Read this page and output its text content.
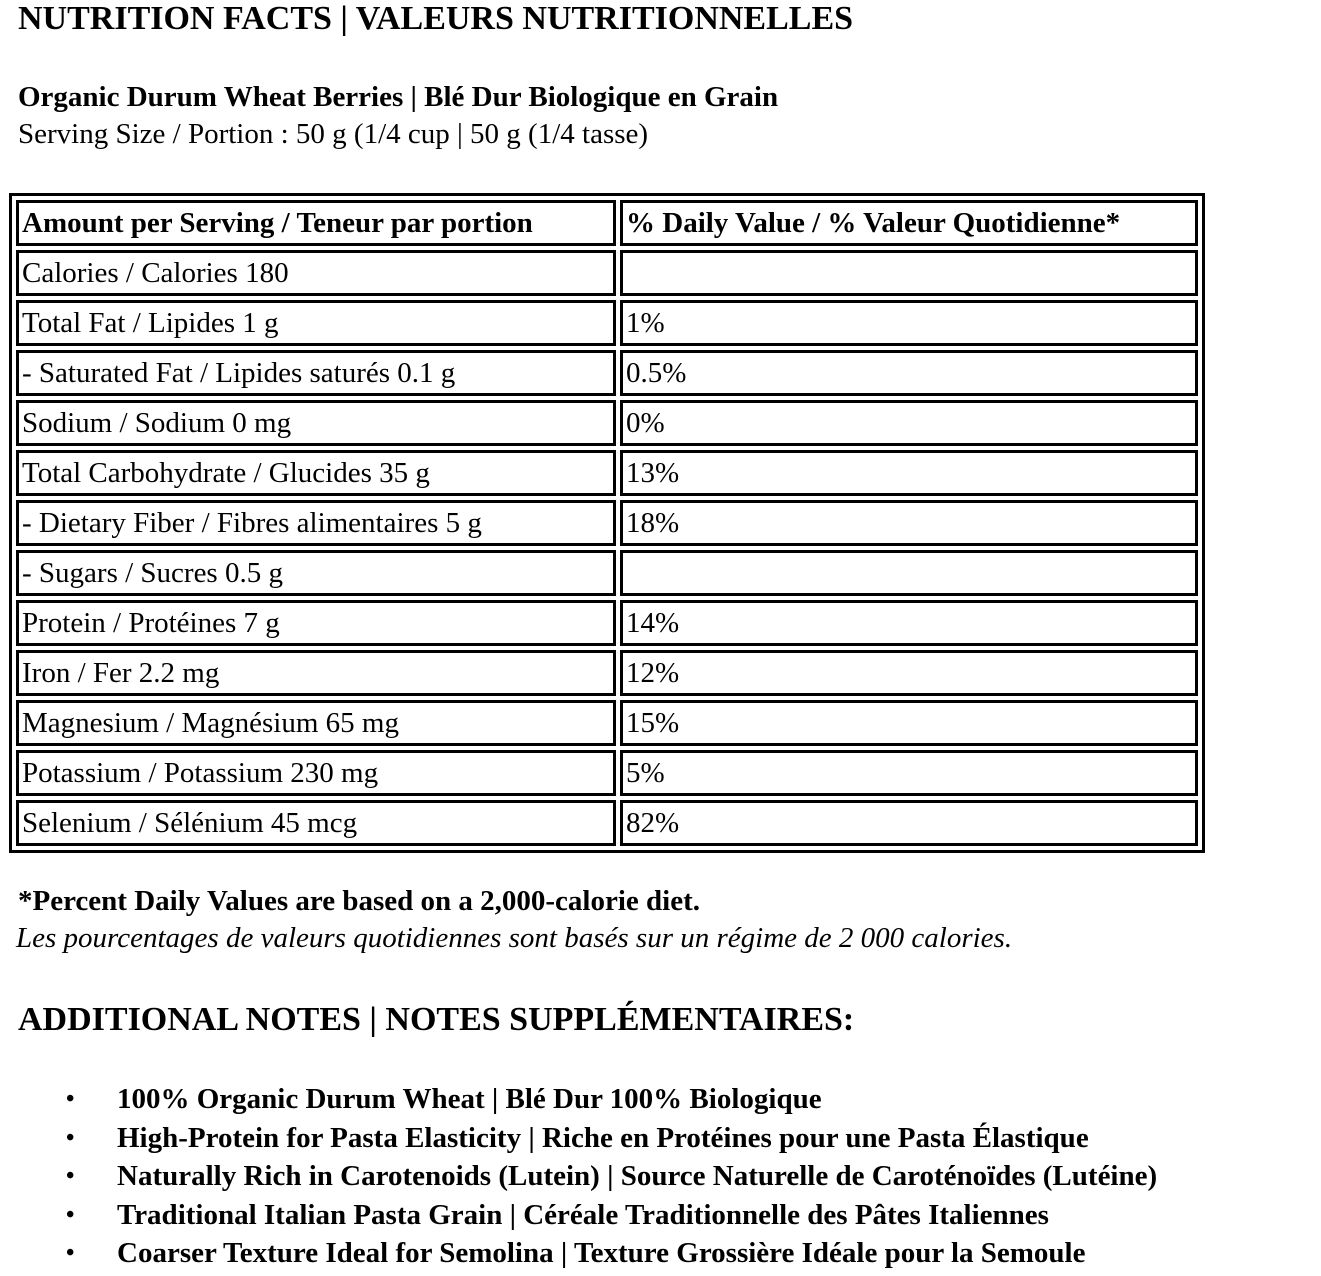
NUTRITION FACTS | VALEURS NUTRITIONNELLES
Organic Durum Wheat Berries | Blé Dur Biologique en Grain
Serving Size / Portion : 50 g (1/4 cup | 50 g (1/4 tasse)
Amount per Serving / Teneur par portion	% Daily Value / % Valeur Quotidienne*
Calories / Calories 180	
Total Fat / Lipides 1 g	1%
- Saturated Fat / Lipides saturés 0.1 g	0.5%
Sodium / Sodium 0 mg	0%
Total Carbohydrate / Glucides 35 g	13%
- Dietary Fiber / Fibres alimentaires 5 g	18%
- Sugars / Sucres 0.5 g	
Protein / Protéines 7 g	14%
Iron / Fer 2.2 mg	12%
Magnesium / Magnésium 65 mg	15%
Potassium / Potassium 230 mg	5%
Selenium / Sélénium 45 mcg	82%
*Percent Daily Values are based on a 2,000-calorie diet.
Les pourcentages de valeurs quotidiennes sont basés sur un régime de 2 000 calories.
ADDITIONAL NOTES | NOTES SUPPLÉMENTAIRES:
• 100% Organic Durum Wheat | Blé Dur 100% Biologique
• High-Protein for Pasta Elasticity | Riche en Protéines pour une Pasta Élastique
• Naturally Rich in Carotenoids (Lutein) | Source Naturelle de Caroténoïdes (Lutéine)
• Traditional Italian Pasta Grain | Céréale Traditionnelle des Pâtes Italiennes
• Coarser Texture Ideal for Semolina | Texture Grossière Idéale pour la Semoule
